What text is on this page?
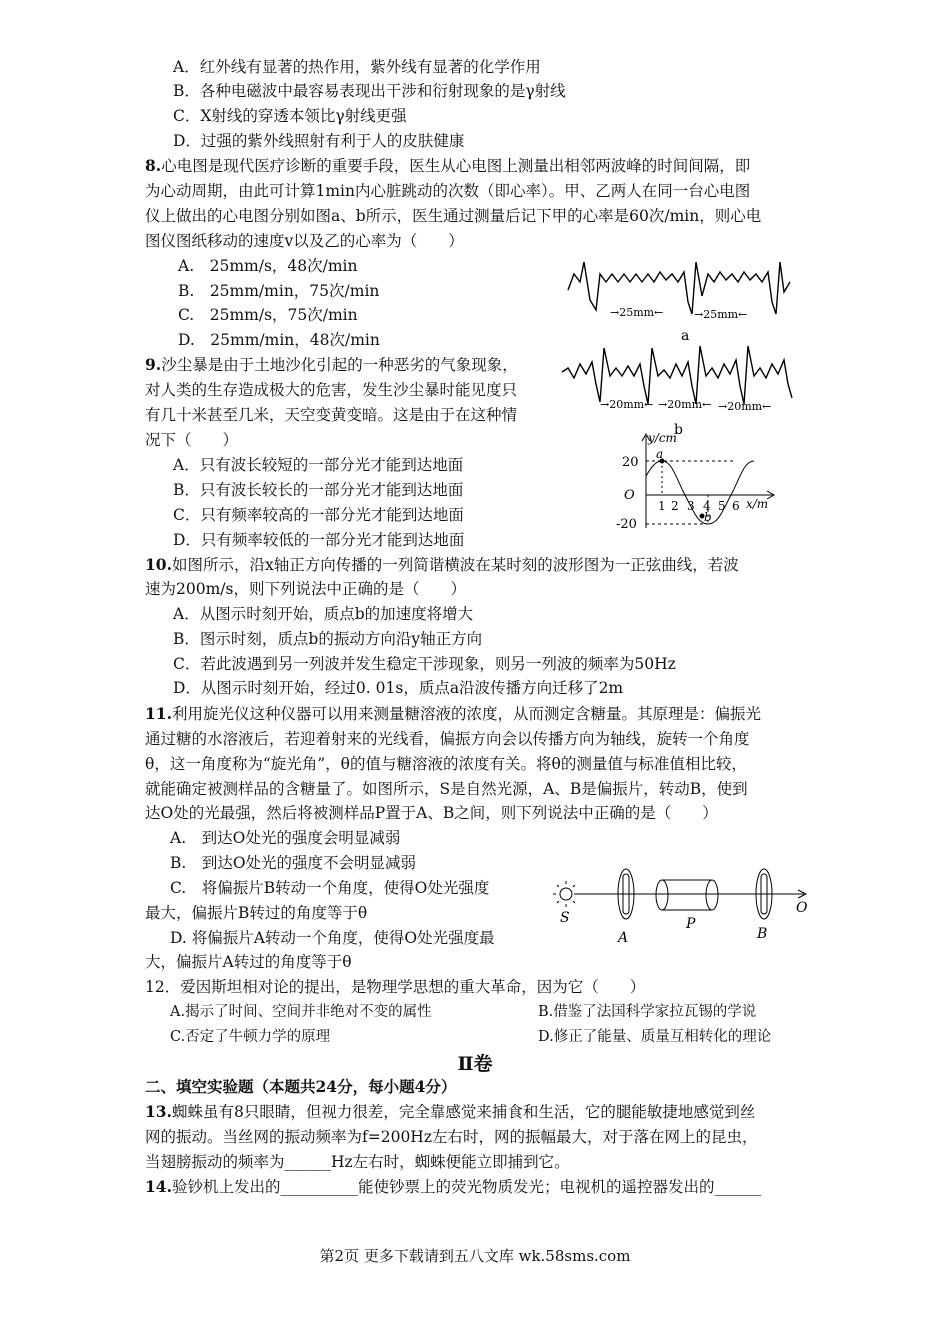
A．红外线有显著的热作用，紫外线有显著的化学作用
B．各种电磁波中最容易表现出干涉和衍射现象的是γ射线
C．X射线的穿透本领比γ射线更强
D．过强的紫外线照射有利于人的皮肤健康
8.心电图是现代医疗诊断的重要手段，医生从心电图上测量出相邻两波峰的时间间隔，即
为心动周期，由此可计算1min内心脏跳动的次数（即心率）。甲、乙两人在同一台心电图
仪上做出的心电图分别如图a、b所示，医生通过测量后记下甲的心率是60次/min，则心电
图仪图纸移动的速度v以及乙的心率为（　　）
A.　25mm/s，48次/min
B.　25mm/min，75次/min
C.　25mm/s，75次/min
D.　25mm/min，48次/min
→25mm←	→25mm←
a
→20mm← →20mm← →20mm←
b
9.沙尘暴是由于土地沙化引起的一种恶劣的气象现象，
对人类的生存造成极大的危害，发生沙尘暴时能见度只
有几十米甚至几米，天空变黄变暗。这是由于在这种情
况下（　　）
A．只有波长较短的一部分光才能到达地面
B．只有波长较长的一部分光才能到达地面
C．只有频率较高的一部分光才能到达地面
D．只有频率较低的一部分光才能到达地面
y/cm
x/m
O
20
-20
1 2 3 4 5 6
a
b
10.如图所示，沿x轴正方向传播的一列简谐横波在某时刻的波形图为一正弦曲线，若波
速为200m/s，则下列说法中正确的是（　　）
A．从图示时刻开始，质点b的加速度将增大
B．图示时刻，质点b的振动方向沿y轴正方向
C．若此波遇到另一列波并发生稳定干涉现象，则另一列波的频率为50Hz
D．从图示时刻开始，经过0. 01s，质点a沿波传播方向迁移了2m
11.利用旋光仪这种仪器可以用来测量糖溶液的浓度，从而测定含糖量。其原理是：偏振光
通过糖的水溶液后，若迎着射来的光线看，偏振方向会以传播方向为轴线，旋转一个角度
θ，这一角度称为“旋光角”，θ的值与糖溶液的浓度有关。将θ的测量值与标准值相比较，
就能确定被测样品的含糖量了。如图所示，S是自然光源，A、B是偏振片，转动B，使到
达O处的光最强，然后将被测样品P置于A、B之间，则下列说法中正确的是（　　）
A.　到达O处光的强度会明显减弱
B.　到达O处光的强度不会明显减弱
C.　将偏振片B转动一个角度，使得O处光强度
最大，偏振片B转过的角度等于θ
D. 将偏振片A转动一个角度，使得O处光强度最
大，偏振片A转过的角度等于θ
S
A
P
B
O
12．爱因斯坦相对论的提出，是物理学思想的重大革命，因为它（　　）
A.揭示了时间、空间并非绝对不变的属性	B.借鉴了法国科学家拉瓦锡的学说
C.否定了牛顿力学的原理	D.修正了能量、质量互相转化的理论
Ⅱ卷
二、填空实验题（本题共24分，每小题4分）
13.蜘蛛虽有8只眼睛，但视力很差，完全靠感觉来捕食和生活，它的腿能敏捷地感觉到丝
网的振动。当丝网的振动频率为f=200Hz左右时，网的振幅最大，对于落在网上的昆虫，
当翅膀振动的频率为______Hz左右时，蜘蛛便能立即捕到它。
14.验钞机上发出的__________能使钞票上的荧光物质发光；电视机的遥控器发出的______
第2页 更多下载请到五八文库 wk.58sms.com
